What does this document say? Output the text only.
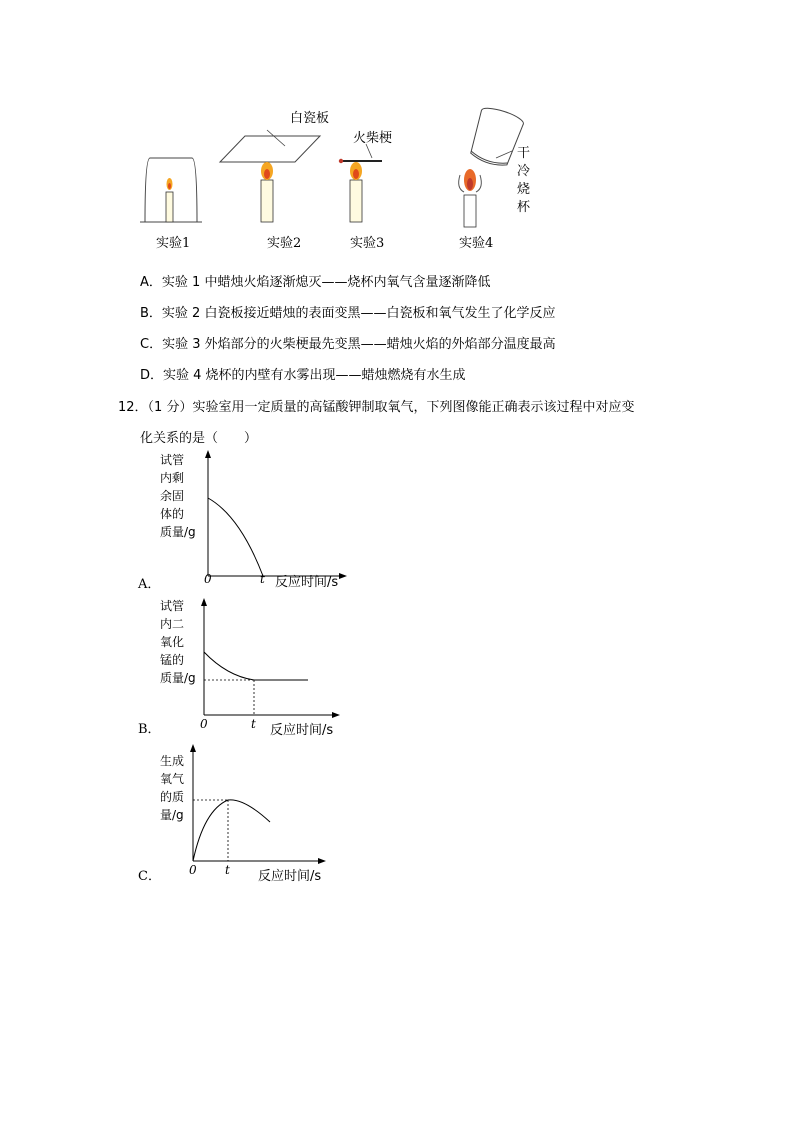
白瓷板
火柴梗
干
冷
烧
杯
实验1	实验2	实验3	实验4
A．实验 1 中蜡烛火焰逐渐熄灭——烧杯内氧气含量逐渐降低
B．实验 2 白瓷板接近蜡烛的表面变黑——白瓷板和氧气发生了化学反应
C．实验 3 外焰部分的火柴梗最先变黑——蜡烛火焰的外焰部分温度最高
D．实验 4 烧杯的内壁有水雾出现——蜡烛燃烧有水生成
12．（1 分）实验室用一定质量的高锰酸钾制取氧气，下列图像能正确表示该过程中对应变
化关系的是（　　）
试管
内剩
余固
体的
质量/g
0	t 反应时间/s
A．
试管
内二
氧化
锰的
质量/g
0	t 反应时间/s
B．
生成
氧气
的质
量/g
0 t 反应时间/s
C．
